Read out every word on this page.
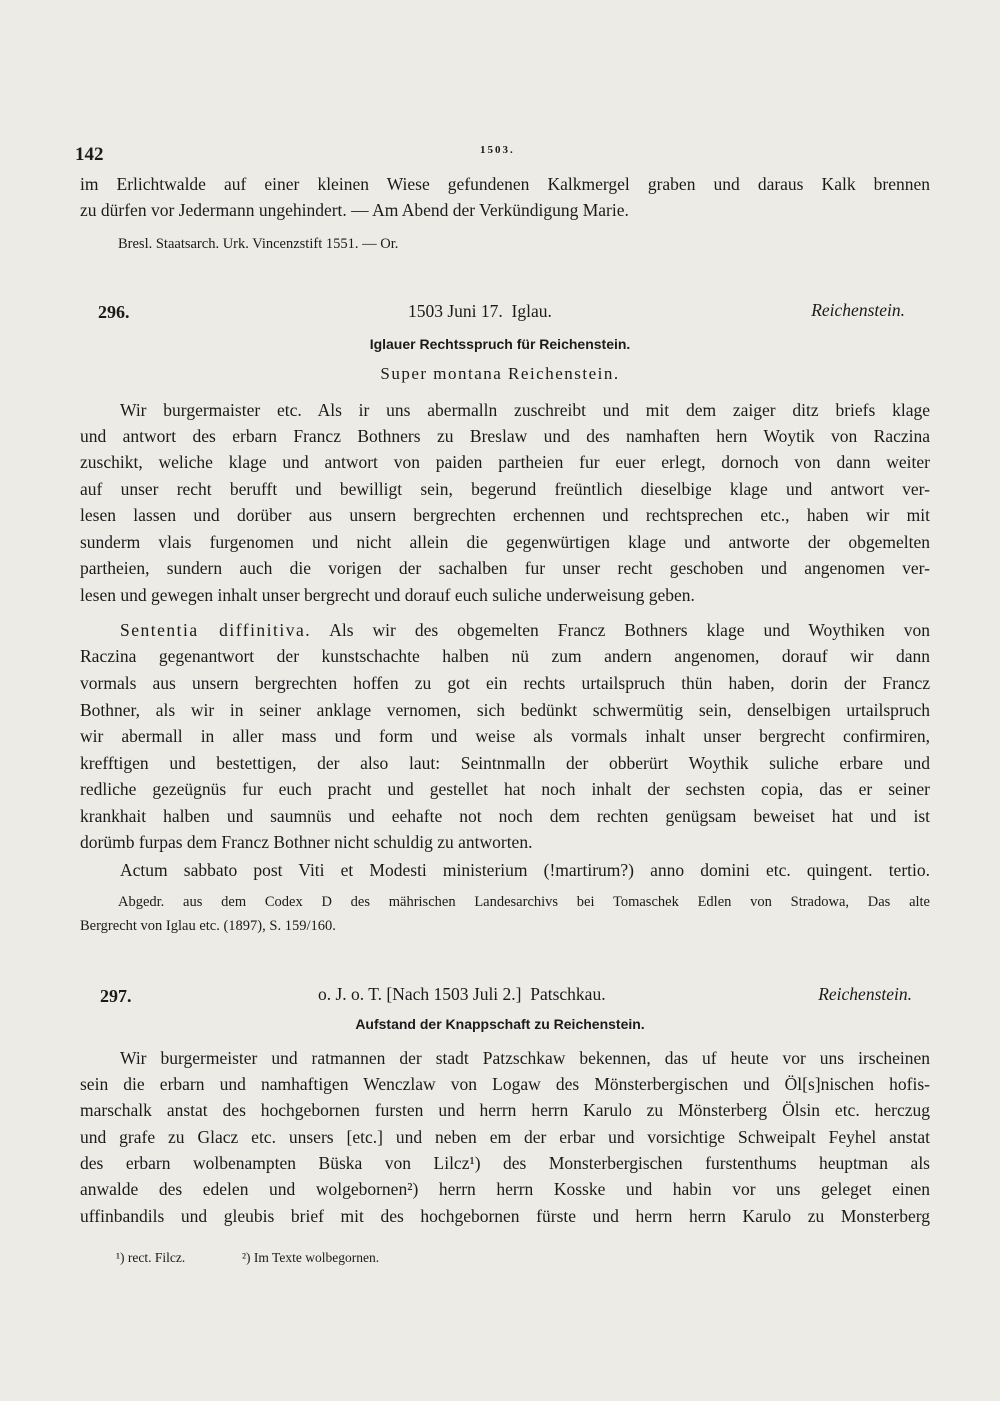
142	1503.
im Erlichtwalde auf einer kleinen Wiese gefundenen Kalkmergel graben und daraus Kalk brennen
zu dürfen vor Jedermann ungehindert. — Am Abend der Verkündigung Marie.
Bresl. Staatsarch. Urk. Vincenzstift 1551. — Or.
296.	1503 Juni 17.  Iglau.	Reichenstein.
Iglauer Rechtsspruch für Reichenstein.
Super montana Reichenstein.
Wir burgermaister etc. Als ir uns abermalln zuschreibt und mit dem zaiger ditz briefs klage
und antwort des erbarn Francz Bothners zu Breslaw und des namhaften hern Woytik von Raczina
zuschikt, weliche klage und antwort von paiden partheien fur euer erlegt, dornoch von dann weiter
auf unser recht berufft und bewilligt sein, begerund freüntlich dieselbige klage und antwort ver-
lesen lassen und dorüber aus unsern bergrechten erchennen und rechtsprechen etc., haben wir mit
sunderm vlais furgenomen und nicht allein die gegenwürtigen klage und antworte der obgemelten
partheien, sundern auch die vorigen der sachalben fur unser recht geschoben und angenomen ver-
lesen und gewegen inhalt unser bergrecht und dorauf euch suliche underweisung geben.
Sententia diffinitiva. Als wir des obgemelten Francz Bothners klage und Woythiken von
Raczina gegenantwort der kunstschachte halben nü zum andern angenomen, dorauf wir dann
vormals aus unsern bergrechten hoffen zu got ein rechts urtailspruch thün haben, dorin der Francz
Bothner, als wir in seiner anklage vernomen, sich bedünkt schwermütig sein, denselbigen urtailspruch
wir abermall in aller mass und form und weise als vormals inhalt unser bergrecht confirmiren,
krefftigen und bestettigen, der also laut: Seintnmalln der obberürt Woythik suliche erbare und
redliche gezeügnüs fur euch pracht und gestellet hat noch inhalt der sechsten copia, das er seiner
krankhait halben und saumnüs und eehafte not noch dem rechten genügsam beweiset hat und ist
dorümb furpas dem Francz Bothner nicht schuldig zu antworten.
Actum sabbato post Viti et Modesti ministerium (!martirum?) anno domini etc. quingent. tertio.
Abgedr. aus dem Codex D des mährischen Landesarchivs bei Tomaschek Edlen von Stradowa, Das alte
Bergrecht von Iglau etc. (1897), S. 159/160.
297.	o. J. o. T. [Nach 1503 Juli 2.]  Patschkau.	Reichenstein.
Aufstand der Knappschaft zu Reichenstein.
Wir burgermeister und ratmannen der stadt Patzschkaw bekennen, das uf heute vor uns irscheinen
sein die erbarn und namhaftigen Wenczlaw von Logaw des Mönsterbergischen und Öl[s]nischen hofis-
marschalk anstat des hochgebornen fursten und herrn herrn Karulo zu Mönsterberg Ölsin etc. herczug
und grafe zu Glacz etc. unsers [etc.] und neben em der erbar und vorsichtige Schweipalt Feyhel anstat
des erbarn wolbenampten Büska von Lilcz¹) des Monsterbergischen furstenthums heuptman als
anwalde des edelen und wolgebornen²) herrn herrn Kosske und habin vor uns geleget einen
uffinbandils und gleubis brief mit des hochgebornen fürste und herrn herrn Karulo zu Monsterberg
¹) rect. Filcz.	²) Im Texte wolbegornen.
